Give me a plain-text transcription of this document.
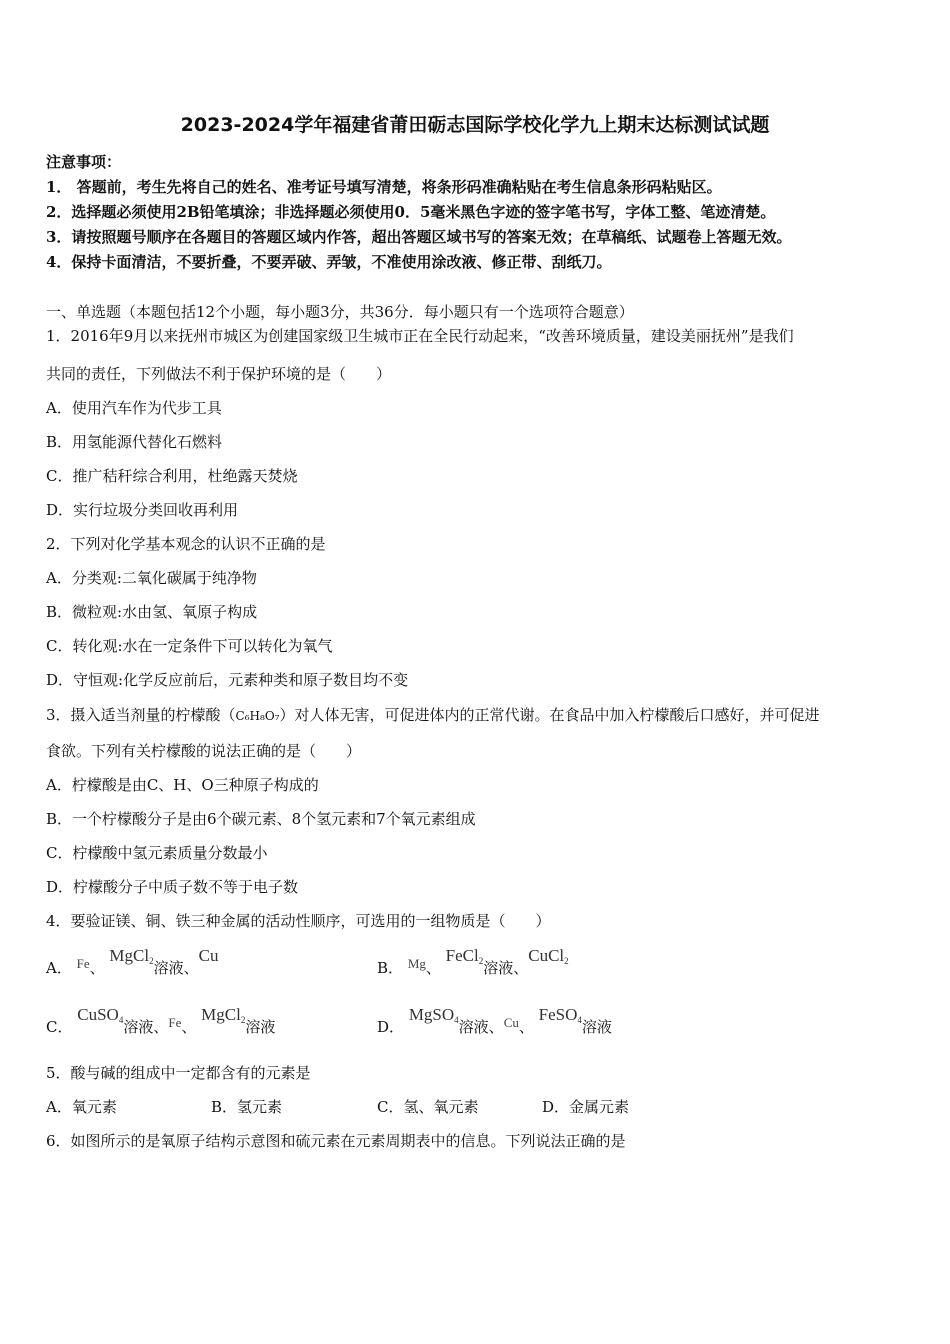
2023-2024学年福建省莆田砺志国际学校化学九上期末达标测试试题
注意事项：
1． 答题前，考生先将自己的姓名、准考证号填写清楚，将条形码准确粘贴在考生信息条形码粘贴区。
2．选择题必须使用2B铅笔填涂；非选择题必须使用0．5毫米黑色字迹的签字笔书写，字体工整、笔迹清楚。
3．请按照题号顺序在各题目的答题区域内作答，超出答题区域书写的答案无效；在草稿纸、试题卷上答题无效。
4．保持卡面清洁，不要折叠，不要弄破、弄皱，不准使用涂改液、修正带、刮纸刀。
一、单选题（本题包括12个小题，每小题3分，共36分．每小题只有一个选项符合题意）
1．2016年9月以来抚州市城区为创建国家级卫生城市正在全民行动起来，“改善环境质量，建设美丽抚州”是我们
共同的责任，下列做法不利于保护环境的是（　　）
A．使用汽车作为代步工具
B．用氢能源代替化石燃料
C．推广秸秆综合利用，杜绝露天焚烧
D．实行垃圾分类回收再利用
2．下列对化学基本观念的认识不正确的是
A．分类观:二氧化碳属于纯净物
B．微粒观:水由氢、氧原子构成
C．转化观:水在一定条件下可以转化为氧气
D．守恒观:化学反应前后，元素种类和原子数目均不变
3．摄入适当剂量的柠檬酸（C₆H₈O₇）对人体无害，可促进体内的正常代谢。在食品中加入柠檬酸后口感好，并可促进
食欲。下列有关柠檬酸的说法正确的是（　　）
A．柠檬酸是由C、H、O三种原子构成的
B．一个柠檬酸分子是由6个碳元素、8个氢元素和7个氧元素组成
C．柠檬酸中氢元素质量分数最小
D．柠檬酸分子中质子数不等于电子数
4．要验证镁、铜、铁三种金属的活动性顺序，可选用的一组物质是（　　）
A． Fe、 MgCl$_2$溶液、Cu
B． Mg、 FeCl$_2$溶液、CuCl$_2$
C． CuSO$_4$溶液、Fe、 MgCl$_2$溶液	D． MgSO$_4$溶液、Cu、 FeSO$_4$溶液
5．酸与碱的组成中一定都含有的元素是
A．氧元素	B．氢元素	C．氢、氧元素	D．金属元素
6．如图所示的是氧原子结构示意图和硫元素在元素周期表中的信息。下列说法正确的是
